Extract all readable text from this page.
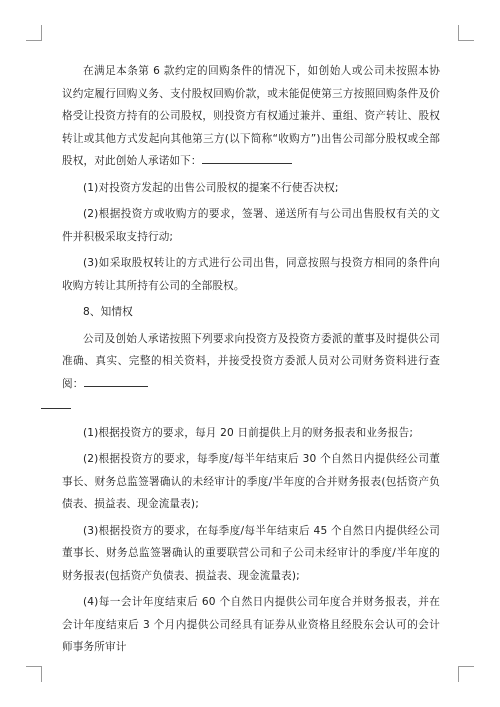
在满足本条第 6 款约定的回购条件的情况下，如创始人或公司未按照本协议约定履行回购义务、支付股权回购价款，或未能促使第三方按照回购条件及价格受让投资方持有的公司股权，则投资方有权通过兼并、重组、资产转让、股权转让或其他方式发起向其他第三方(以下简称“收购方”)出售公司部分股权或全部股权，对此创始人承诺如下：

(1)对投资方发起的出售公司股权的提案不行使否决权;

(2)根据投资方或收购方的要求，签署、递送所有与公司出售股权有关的文件并积极采取支持行动;

(3)如采取股权转让的方式进行公司出售，同意按照与投资方相同的条件向收购方转让其所持有公司的全部股权。

8、知情权

公司及创始人承诺按照下列要求向投资方及投资方委派的董事及时提供公司准确、真实、完整的相关资料，并接受投资方委派人员对公司财务资料进行查阅：

(1)根据投资方的要求，每月 20 日前提供上月的财务报表和业务报告;

(2)根据投资方的要求，每季度/每半年结束后 30 个自然日内提供经公司董事长、财务总监签署确认的未经审计的季度/半年度的合并财务报表(包括资产负债表、损益表、现金流量表);

(3)根据投资方的要求，在每季度/每半年结束后 45 个自然日内提供经公司董事长、财务总监签署确认的重要联营公司和子公司未经审计的季度/半年度的财务报表(包括资产负债表、损益表、现金流量表);

(4)每一会计年度结束后 60 个自然日内提供公司年度合并财务报表，并在会计年度结束后 3 个月内提供公司经具有证券从业资格且经股东会认可的会计师事务所审计
